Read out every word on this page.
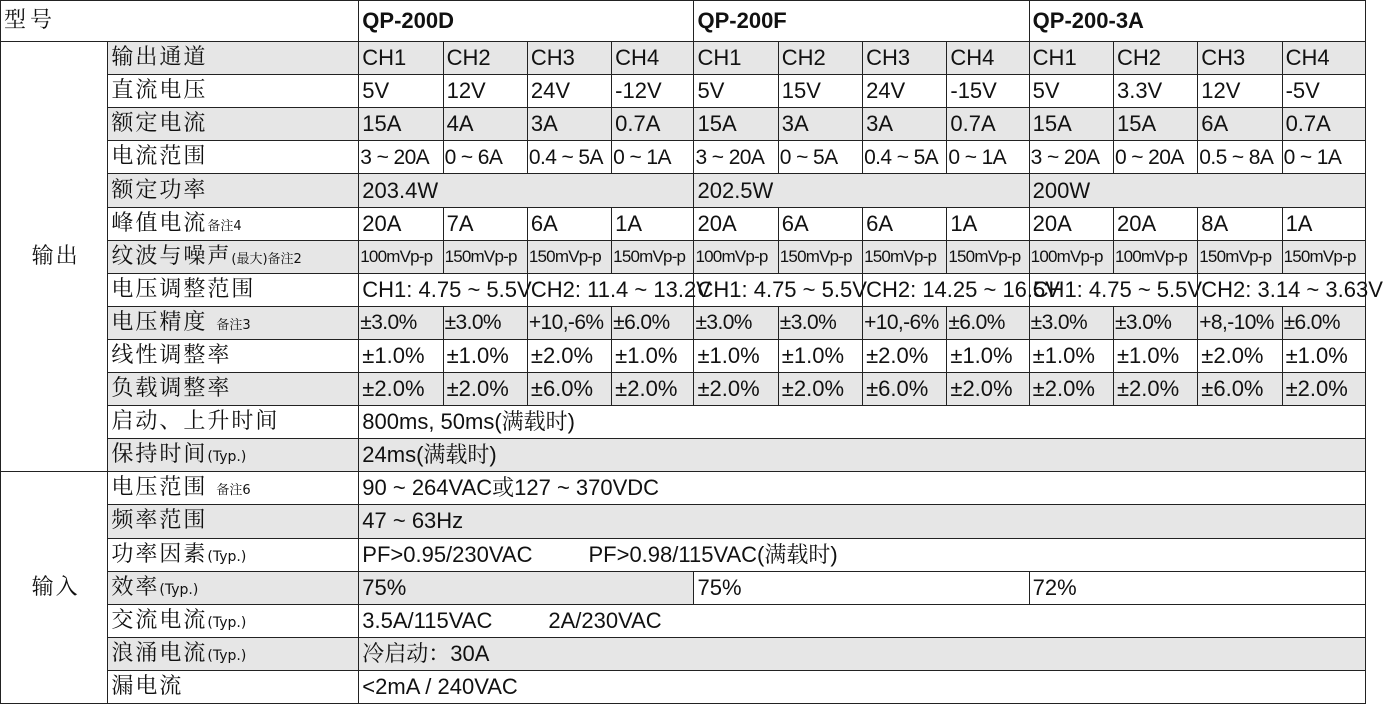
型号		QP-200D				QP-200F				QP-200-3A			
输出	输出通道	CH1	CH2	CH3	CH4	CH1	CH2	CH3	CH4	CH1	CH2	CH3	CH4
	直流电压	5V	12V	24V	-12V	5V	15V	24V	-15V	5V	3.3V	12V	-5V
	额定电流	15A	4A	3A	0.7A	15A	3A	3A	0.7A	15A	15A	6A	0.7A
	电流范围	3 ~ 20A	0 ~ 6A	0.4 ~ 5A	0 ~ 1A	3 ~ 20A	0 ~ 5A	0.4 ~ 5A	0 ~ 1A	3 ~ 20A	0 ~ 20A	0.5 ~ 8A	0 ~ 1A
	额定功率	203.4W				202.5W				200W			
	峰值电流备注4	20A	7A	6A	1A	20A	6A	6A	1A	20A	20A	8A	1A
	纹波与噪声(最大)备注2	100mVp-p	150mVp-p	150mVp-p	150mVp-p	100mVp-p	150mVp-p	150mVp-p	150mVp-p	100mVp-p	100mVp-p	150mVp-p	150mVp-p
	电压调整范围	CH1: 4.75 ~ 5.5V		CH2: 11.4 ~ 13.2V		CH1: 4.75 ~ 5.5V		CH2: 14.25 ~ 16.5V		CH1: 4.75 ~ 5.5V		CH2: 3.14 ~ 3.63V	
	电压精度 备注3	±3.0%	±3.0%	+10,-6%	±6.0%	±3.0%	±3.0%	+10,-6%	±6.0%	±3.0%	±3.0%	+8,-10%	±6.0%
	线性调整率	±1.0%	±1.0%	±2.0%	±1.0%	±1.0%	±1.0%	±2.0%	±1.0%	±1.0%	±1.0%	±2.0%	±1.0%
	负载调整率	±2.0%	±2.0%	±6.0%	±2.0%	±2.0%	±2.0%	±6.0%	±2.0%	±2.0%	±2.0%	±6.0%	±2.0%
	启动、上升时间	800ms, 50ms(满载时)											
	保持时间(Typ.)	24ms(满载时)											
输入	电压范围 备注6	90 ~ 264VAC或127 ~ 370VDC											
	频率范围	47 ~ 63Hz											
	功率因素(Typ.)	PF>0.95/230VAC PF>0.98/115VAC(满载时)											
	效率(Typ.)	75%				75%				72%			
	交流电流(Typ.)	3.5A/115VAC 2A/230VAC											
	浪涌电流(Typ.)	冷启动：30A											
	漏电流	<2mA / 240VAC											
